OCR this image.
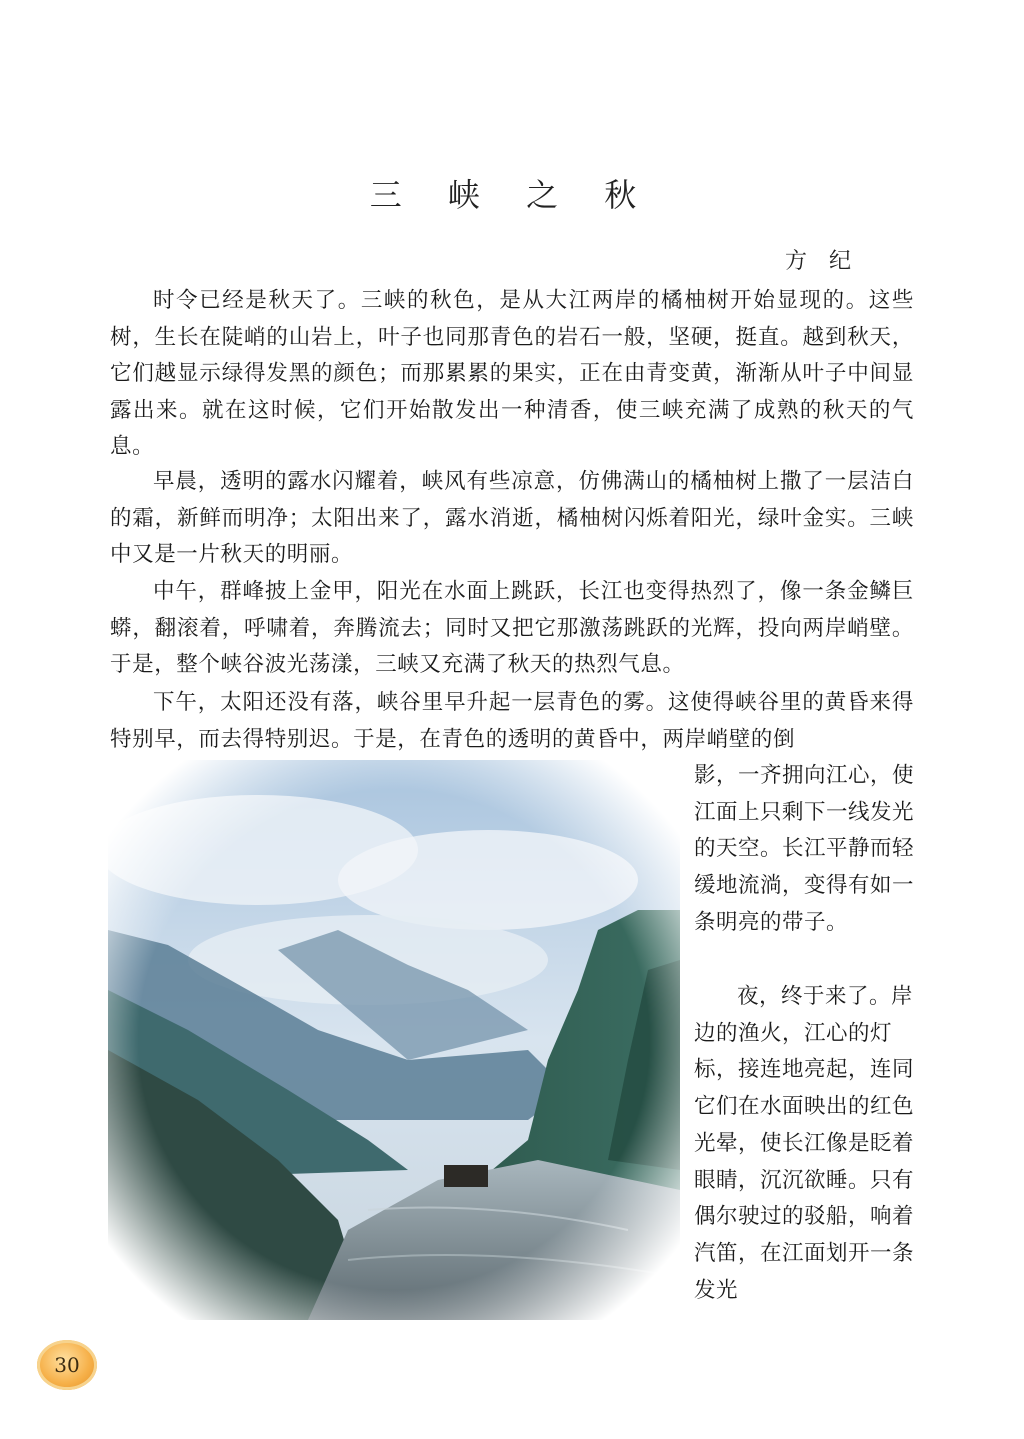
三 峡 之 秋
方纪

时令已经是秋天了。三峡的秋色，是从大江两岸的橘柚树开始显现的。这些树，生长在陡峭的山岩上，叶子也同那青色的岩石一般，坚硬，挺直。越到秋天，它们越显示绿得发黑的颜色；而那累累的果实，正在由青变黄，渐渐从叶子中间显露出来。就在这时候，它们开始散发出一种清香，使三峡充满了成熟的秋天的气息。

早晨，透明的露水闪耀着，峡风有些凉意，仿佛满山的橘柚树上撒了一层洁白的霜，新鲜而明净；太阳出来了，露水消逝，橘柚树闪烁着阳光，绿叶金实。三峡中又是一片秋天的明丽。

中午，群峰披上金甲，阳光在水面上跳跃，长江也变得热烈了，像一条金鳞巨蟒，翻滚着，呼啸着，奔腾流去；同时又把它那激荡跳跃的光辉，投向两岸峭壁。于是，整个峡谷波光荡漾，三峡又充满了秋天的热烈气息。

下午，太阳还没有落，峡谷里早升起一层青色的雾。这使得峡谷里的黄昏来得特别早，而去得特别迟。于是，在青色的透明的黄昏中，两岸峭壁的倒

影，一齐拥向江心，使江面上只剩下一线发光的天空。长江平静而轻缓地流淌，变得有如一条明亮的带子。

夜，终于来了。岸边的渔火，江心的灯标，接连地亮起，连同它们在水面映出的红色光晕，使长江像是眨着眼睛，沉沉欲睡。只有偶尔驶过的驳船，响着汽笛，在江面划开一条发光

30
